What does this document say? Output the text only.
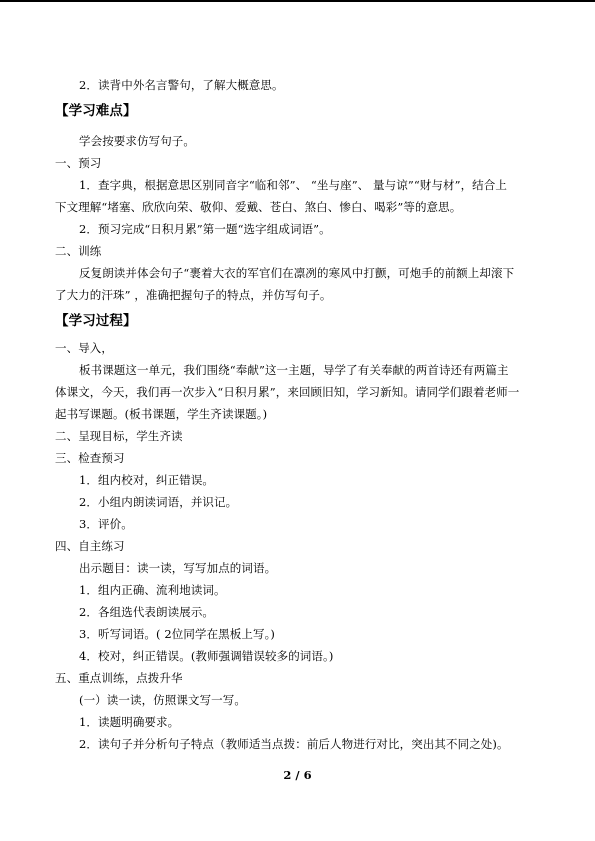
2．读背中外名言警句，了解大概意思。
【学习难点】
学会按要求仿写句子。
一、预习
1．查字典，根据意思区别同音字“临和邻”、 “坐与座”、 量与谅”“财与材”，结合上
下文理解“堵塞、欣欣向荣、敬仰、爱戴、苍白、煞白、惨白、喝彩”等的意思。
2．预习完成“日积月累”第一题“选字组成词语”。
二、训练
反复朗读并体会句子“裹着大衣的军官们在凛冽的寒风中打颤，可炮手的前额上却滚下
了大力的汗珠” ，准确把握句子的特点，并仿写句子。
【学习过程】
一、导入，
板书课题这一单元，我们围绕“奉献”这一主题，导学了有关奉献的两首诗还有两篇主
体课文，今天，我们再一次步入“日积月累”，来回顾旧知，学习新知。请同学们跟着老师一
起书写课题。(板书课题，学生齐读课题。)
二、呈现目标，学生齐读
三、检查预习
1．组内校对，纠正错误。
2．小组内朗读词语，并识记。
3．评价。
四、自主练习
出示题目：读一读，写写加点的词语。
1．组内正确、流利地读词。
2．各组选代表朗读展示。
3．听写词语。( 2位同学在黑板上写。)
4．校对，纠正错误。(教师强调错误较多的词语。)
五、重点训练，点拨升华
(一）读一读，仿照课文写一写。
1．读题明确要求。
2．读句子并分析句子特点（教师适当点拨：前后人物进行对比，突出其不同之处)。
2 / 6
